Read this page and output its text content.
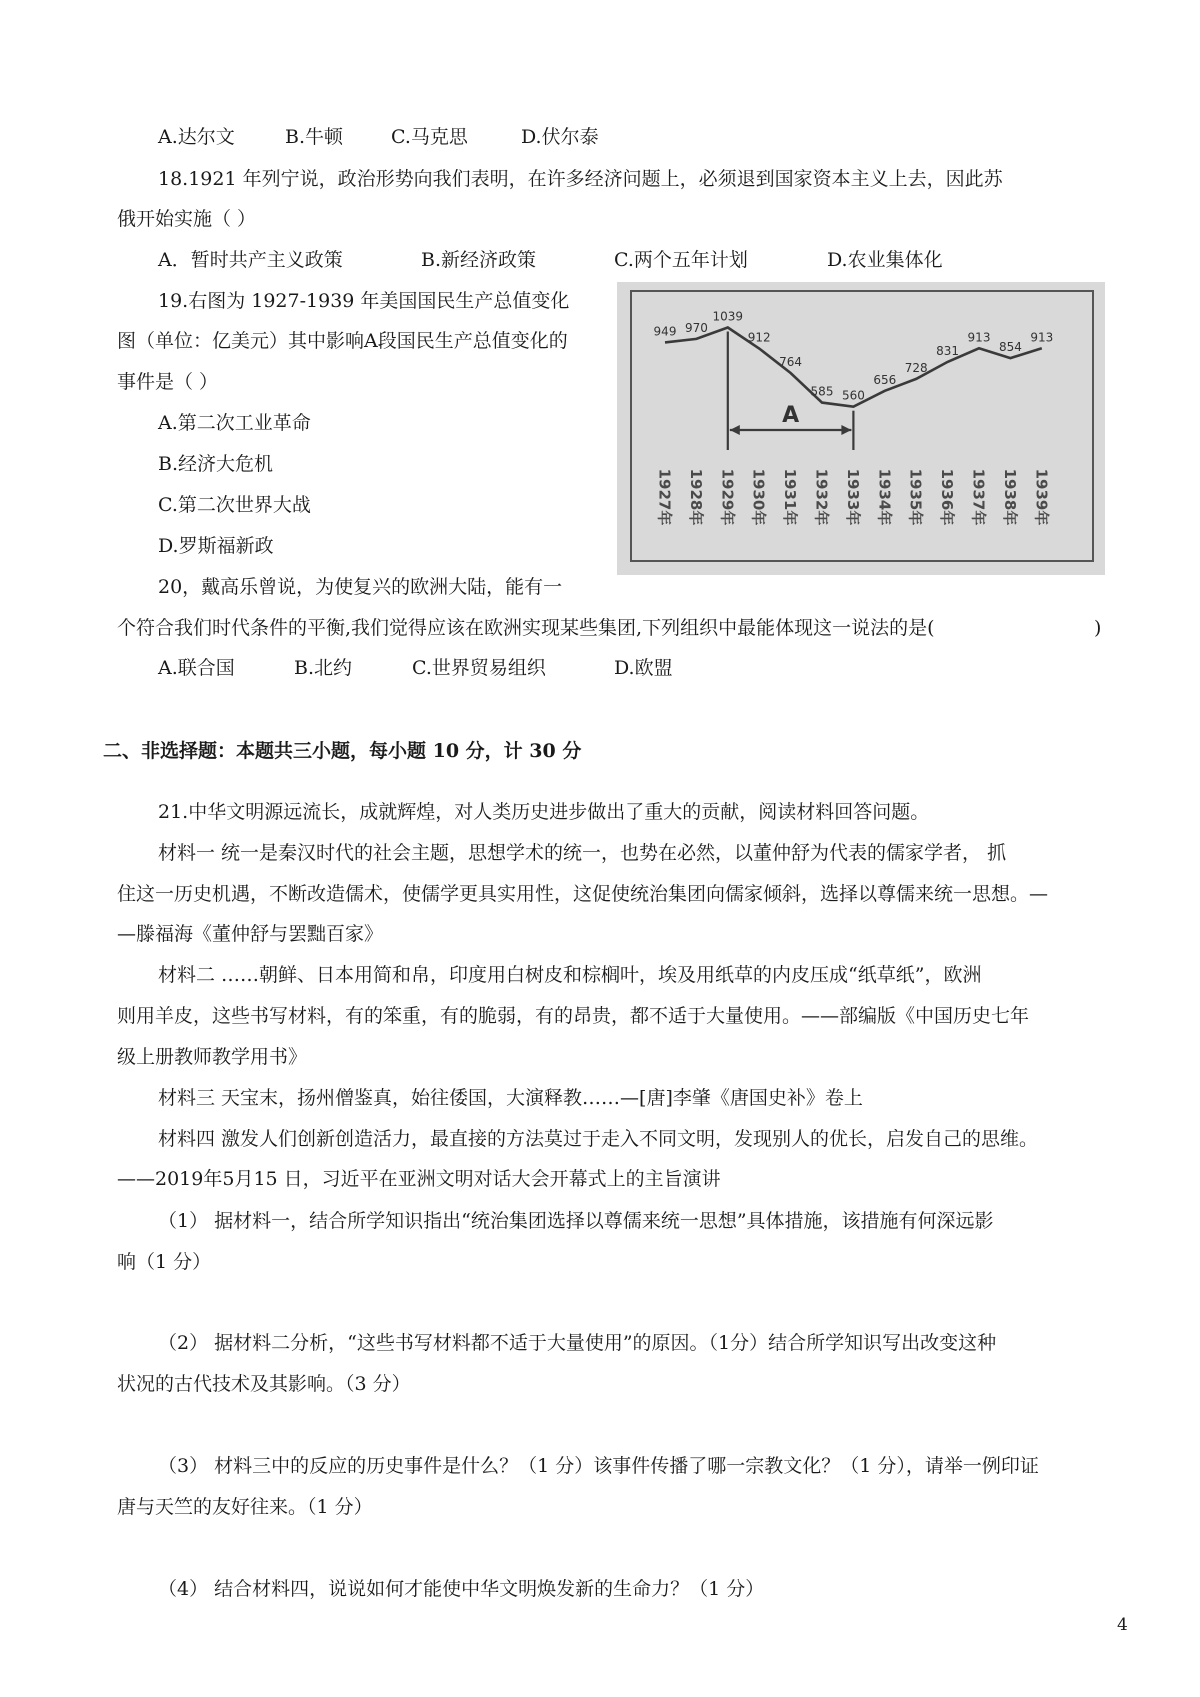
A.达尔文	B.牛顿	C.马克思	D.伏尔泰
18.1921 年列宁说，政治形势向我们表明，在许多经济问题上，必须退到国家资本主义上去，因此苏
俄开始实施（ ）
A．暂时共产主义政策	B.新经济政策	C.两个五年计划	D.农业集体化
19.右图为 1927-1939 年美国国民生产总值变化
图（单位：亿美元）其中影响A段国民生产总值变化的
事件是（ ）
A.第二次工业革命
B.经济大危机
C.第二次世界大战
D.罗斯福新政
949 970
1039
912
764
585 560
656
728
831
913
854
913
A
1927年 1928年 1929年 1930年 1931年 1932年 1933年 1934年 1935年 1936年 1937年 1938年 1939年
20，戴高乐曾说，为使复兴的欧洲大陆，能有一
个符合我们时代条件的平衡,我们觉得应该在欧洲实现某些集团,下列组织中最能体现这一说法的是(	)
A.联合国	B.北约	C.世界贸易组织	D.欧盟
二、非选择题：本题共三小题，每小题 10 分，计 30 分
21.中华文明源远流长，成就辉煌，对人类历史进步做出了重大的贡献，阅读材料回答问题。
材料一 统一是秦汉时代的社会主题，思想学术的统一，也势在必然，以董仲舒为代表的儒家学者， 抓
住这一历史机遇，不断改造儒术，使儒学更具实用性，这促使统治集团向儒家倾斜，选择以尊儒来统一思想。—
—滕福海《董仲舒与罢黜百家》
材料二 ……朝鲜、日本用简和帛，印度用白树皮和棕榈叶，埃及用纸草的内皮压成“纸草纸”，欧洲
则用羊皮，这些书写材料，有的笨重，有的脆弱，有的昂贵，都不适于大量使用。——部编版《中国历史七年
级上册教师教学用书》
材料三 天宝末，扬州僧鉴真，始往倭国，大演释教……—[唐]李肇《唐国史补》卷上
材料四 激发人们创新创造活力，最直接的方法莫过于走入不同文明，发现别人的优长，启发自己的思维。
——2019年5月15 日，习近平在亚洲文明对话大会开幕式上的主旨演讲
（1） 据材料一，结合所学知识指出“统治集团选择以尊儒来统一思想”具体措施，该措施有何深远影
响（1 分）
（2） 据材料二分析，“这些书写材料都不适于大量使用”的原因。（1分）结合所学知识写出改变这种
状况的古代技术及其影响。（3 分）
（3） 材料三中的反应的历史事件是什么？（1 分）该事件传播了哪一宗教文化？（1 分），请举一例印证
唐与天竺的友好往来。（1 分）
（4） 结合材料四，说说如何才能使中华文明焕发新的生命力？（1 分）
4
